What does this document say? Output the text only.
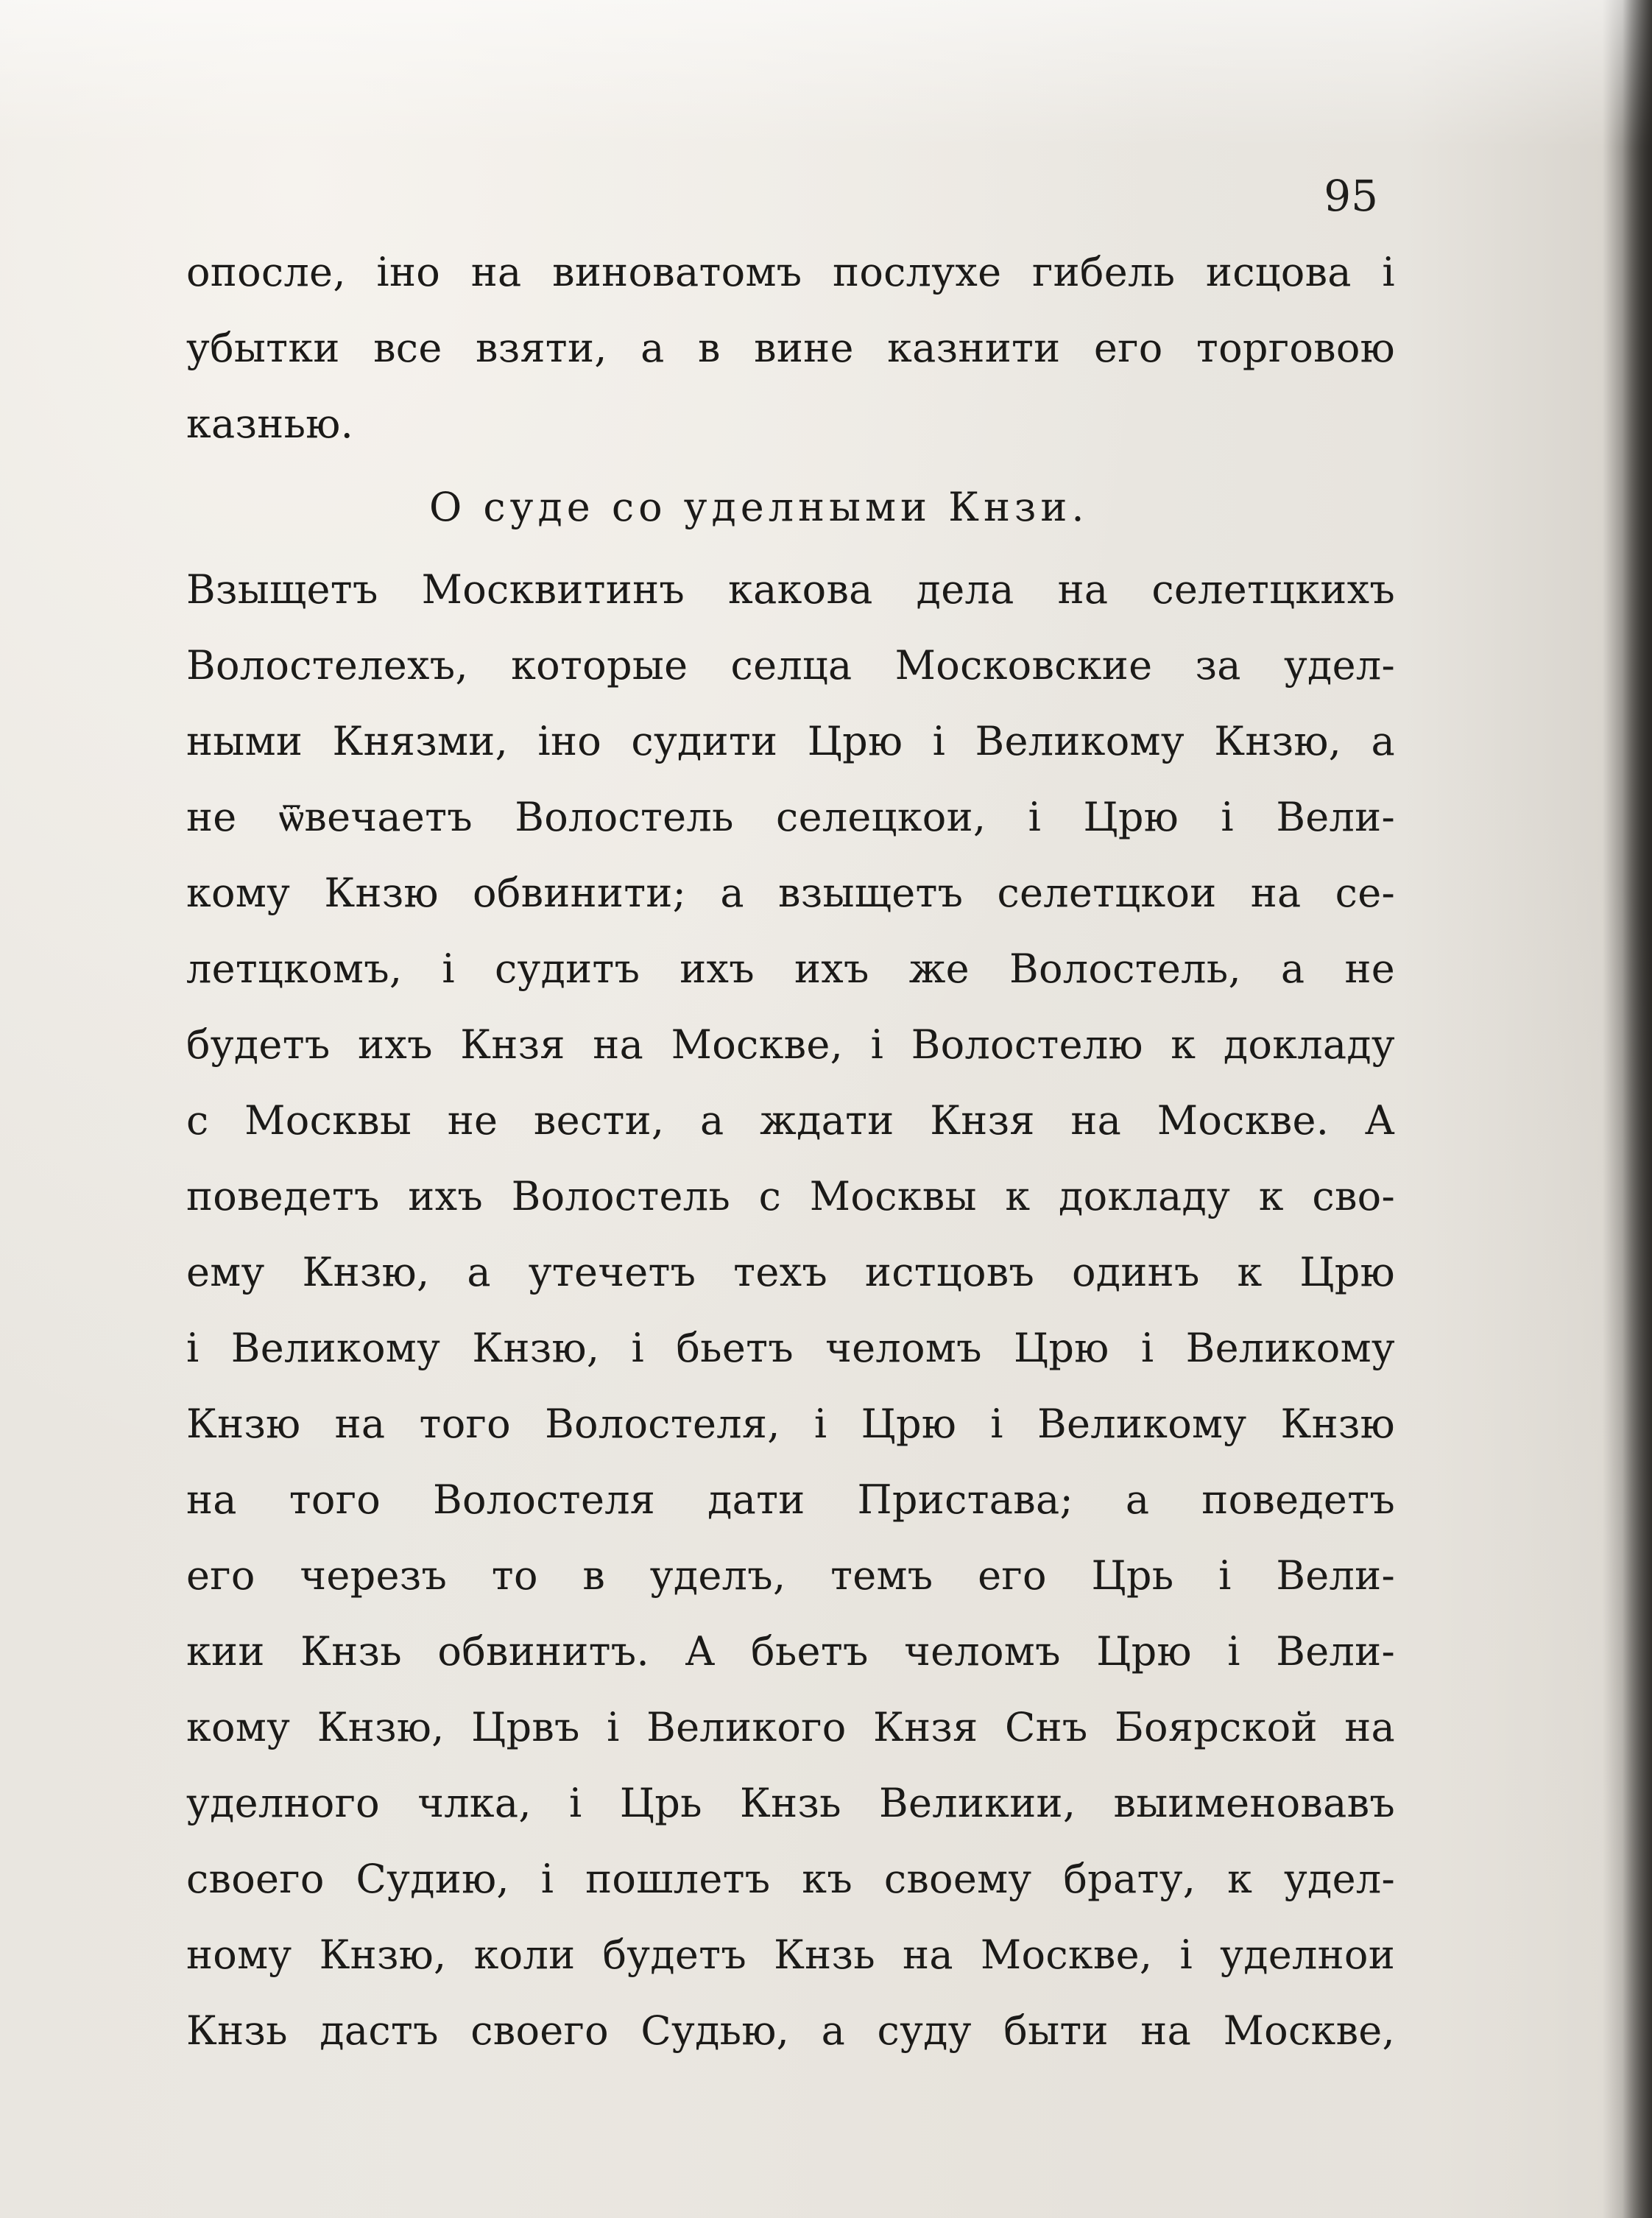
95
опосле, іно на виноватомъ послухе гибель исцова і
убытки все взяти, а в вине казнити его торговою
казнью.
О суде со уделными Кнзи.
Взыщетъ Москвитинъ какова дела на селетцкихъ
Волостелехъ, которые селца Московские за удел-
ными Князми, іно судити Црю і Великому Кнзю, а
не ѿвечаетъ Волостель селецкои, і Црю і Вели-
кому Кнзю обвинити; а взыщетъ селетцкои на се-
летцкомъ, і судитъ ихъ ихъ же Волостель, а не
будетъ ихъ Кнзя на Москве, і Волостелю к докладу
с Москвы не вести, а ждати Кнзя на Москве. А
поведетъ ихъ Волостель с Москвы к докладу к сво-
ему Кнзю, а утечетъ техъ истцовъ одинъ к Црю
і Великому Кнзю, і бьетъ челомъ Црю і Великому
Кнзю на того Волостеля, і Црю і Великому Кнзю
на того Волостеля дати Пристава; а поведетъ
его черезъ то в уделъ, темъ его Црь і Вели-
кии Кнзь обвинитъ. А бьетъ челомъ Црю і Вели-
кому Кнзю, Црвъ і Великого Кнзя Снъ Боярской на
уделного члка, і Црь Кнзь Великии, выименовавъ
своего Судию, і пошлетъ къ своему брату, к удел-
ному Кнзю, коли будетъ Кнзь на Москве, і уделнои
Кнзь дастъ своего Судью, а суду быти на Москве,
